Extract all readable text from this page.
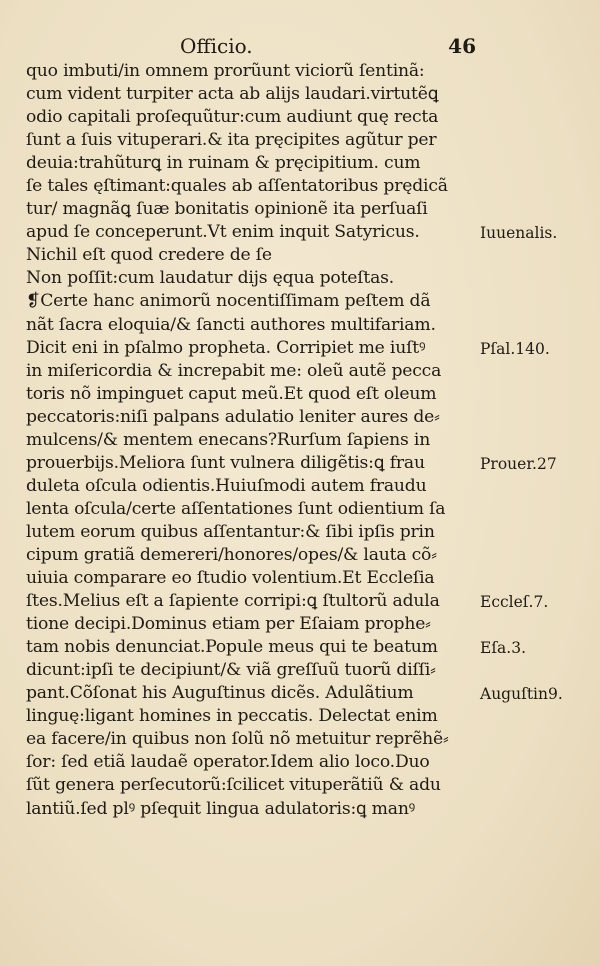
Officio.	46
quo imbuti/in omnem prorũunt viciorũ ſentinã:
cum vident turpiter acta ab alijs laudari.virtutẽꝗ
odio capitali proſequũtur:cum audiunt quę recta
ſunt a ſuis vituperari.& ita pręcipites agũtur per
deuia:trahũturꝗ in ruinam & pręcipitium. cum
ſe tales ęſtimant:quales ab aſſentatoribus prędicã
tur/ magnãꝗ ſuæ bonitatis opinionẽ ita perſuaſi
apud ſe conceperunt.Vt enim inquit Satyricus.
Nichil eſt quod credere de ſe
Non poſſit:cum laudatur dijs ęqua poteſtas.
❡Certe hanc animorũ nocentiſſimam peſtem dã
nãt ſacra eloquia/& ſancti authores multifariam.
Dicit eni in pſalmo propheta. Corripiet me iuſtꝰ
in miſericordia & increpabit me: oleũ autẽ pecca
toris nõ impinguet caput meũ.Et quod eſt oleum
peccatoris:niſi palpans adulatio leniter aures de⸗
mulcens/& mentem enecans?Rurſum ſapiens in
prouerbijs.Meliora ſunt vulnera diligẽtis:ꝗ frau
duleta oſcula odientis.Huiuſmodi autem fraudu
lenta oſcula/certe aſſentationes ſunt odientium ſa
lutem eorum quibus aſſentantur:& ſibi ipſis prin
cipum gratiã demereri/honores/opes/& lauta cõ⸗
uiuia comparare eo ſtudio volentium.Et Eccleſia
ſtes.Melius eſt a ſapiente corripi:ꝗ ſtultorũ adula
tione decipi.Dominus etiam per Eſaiam prophe⸗
tam nobis denunciat.Popule meus qui te beatum
dicunt:ipſi te decipiunt/& viã greſſuũ tuorũ diſſi⸗
pant.Cõſonat his Auguſtinus dicẽs. Adulãtium
linguę:ligant homines in peccatis. Delectat enim
ea facere/in quibus non ſolũ nõ metuitur reprẽhẽ⸗
ſor: ſed etiã laudaẽ operator.Idem alio loco.Duo
ſũt genera perſecutorũ:ſcilicet vituperãtiũ & adu
lantiũ.ſed plꝰ pſequit lingua adulatoris:ꝗ manꝰ
Iuuenalis.
Pſal.140.
Prouer.27
Eccleſ.7.
Eſa.3.
Auguſtin9.
